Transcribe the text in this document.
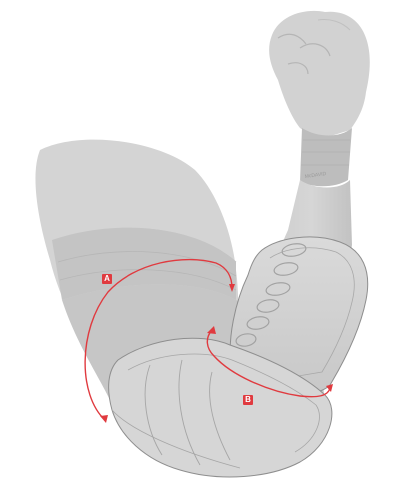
McDAVID
A
B
